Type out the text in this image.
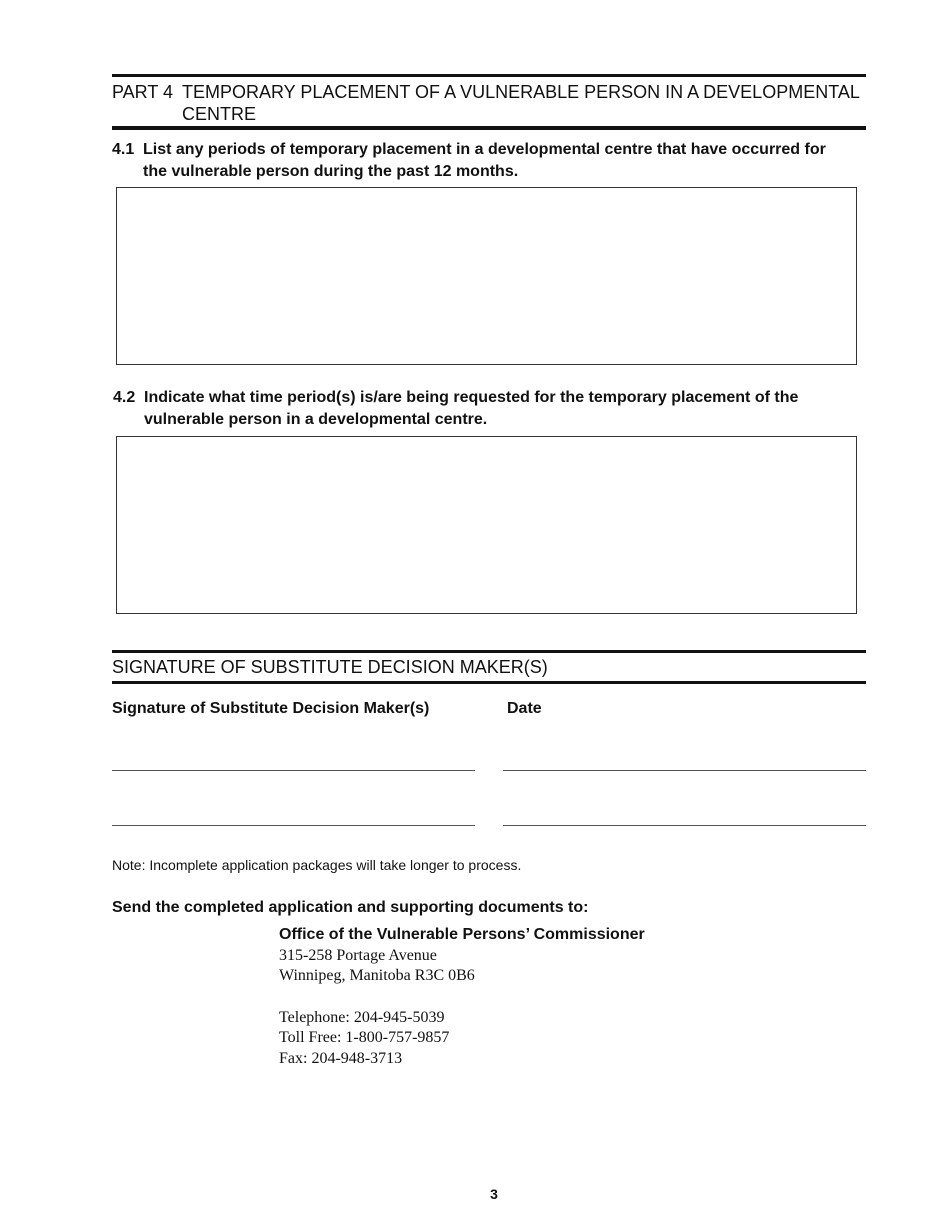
PART 4 TEMPORARY PLACEMENT OF A VULNERABLE PERSON IN A DEVELOPMENTAL CENTRE
4.1 List any periods of temporary placement in a developmental centre that have occurred for the vulnerable person during the past 12 months.
4.2 Indicate what time period(s) is/are being requested for the temporary placement of the vulnerable person in a developmental centre.
SIGNATURE OF SUBSTITUTE DECISION MAKER(S)
Signature of Substitute Decision Maker(s)	Date
Note: Incomplete application packages will take longer to process.
Send the completed application and supporting documents to:
Office of the Vulnerable Persons’ Commissioner
315-258 Portage Avenue
Winnipeg, Manitoba R3C 0B6
Telephone: 204-945-5039
Toll Free: 1-800-757-9857
Fax: 204-948-3713
3
